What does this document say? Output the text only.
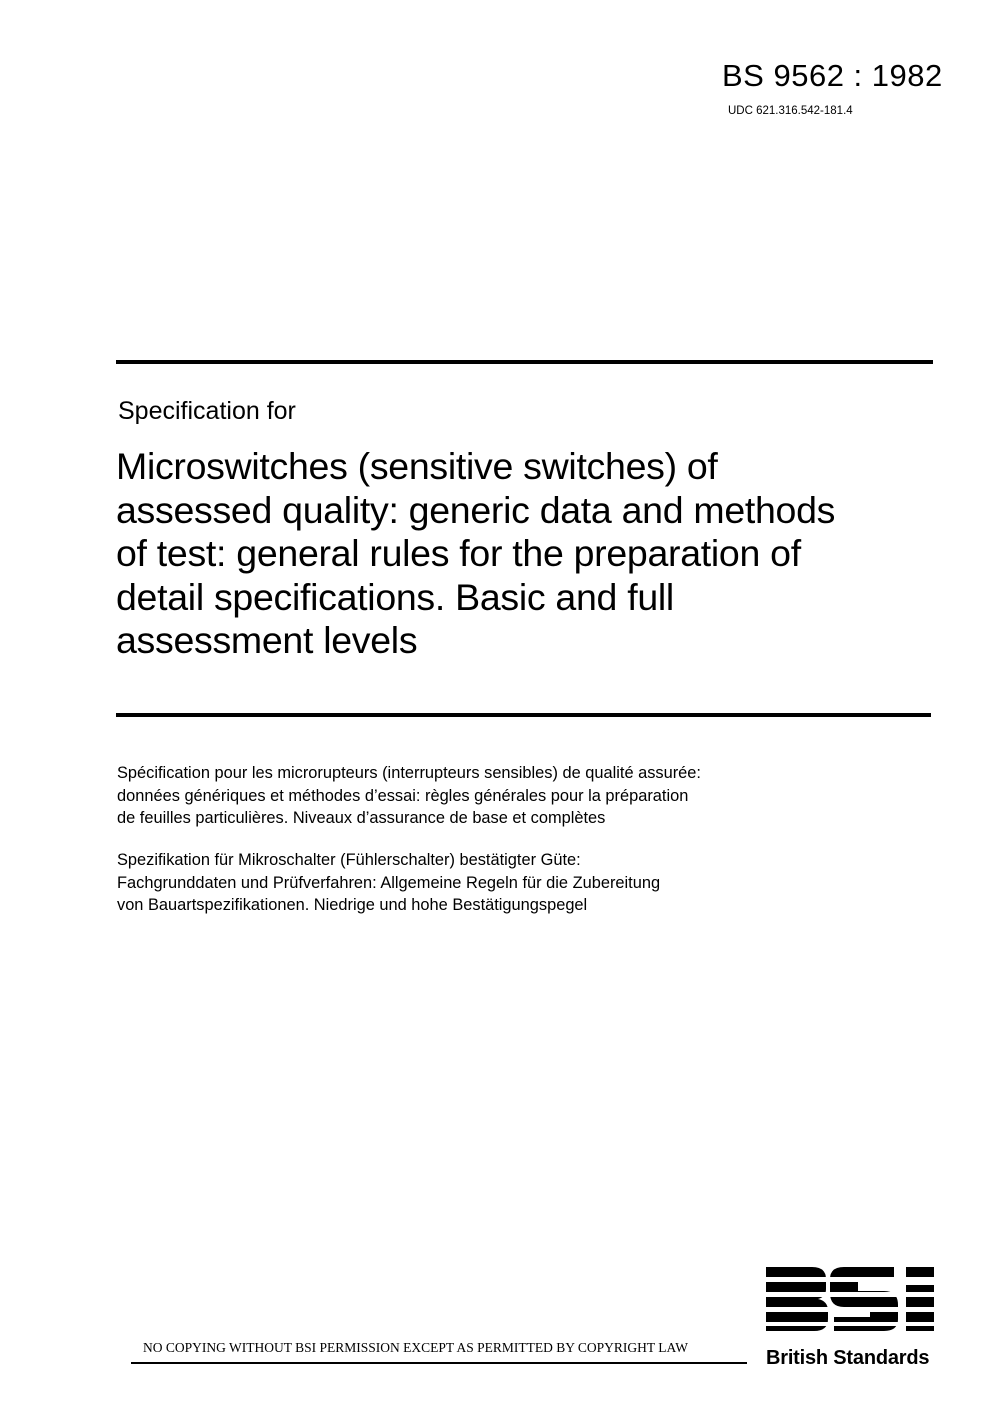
BS 9562 : 1982
UDC 621.316.542-181.4
Specification for
Microswitches (sensitive switches) of
assessed quality: generic data and methods
of test: general rules for the preparation of
detail specifications. Basic and full
assessment levels
Spécification pour les microrupteurs (interrupteurs sensibles) de qualité assurée:
données génériques et méthodes d’essai: règles générales pour la préparation
de feuilles particulières. Niveaux d’assurance de base et complètes
Spezifikation für Mikroschalter (Fühlerschalter) bestätigter Güte:
Fachgrunddaten und Prüfverfahren: Allgemeine Regeln für die Zubereitung
von Bauartspezifikationen. Niedrige und hohe Bestätigungspegel
NO COPYING WITHOUT BSI PERMISSION EXCEPT AS PERMITTED BY COPYRIGHT LAW
BSi
British Standards
